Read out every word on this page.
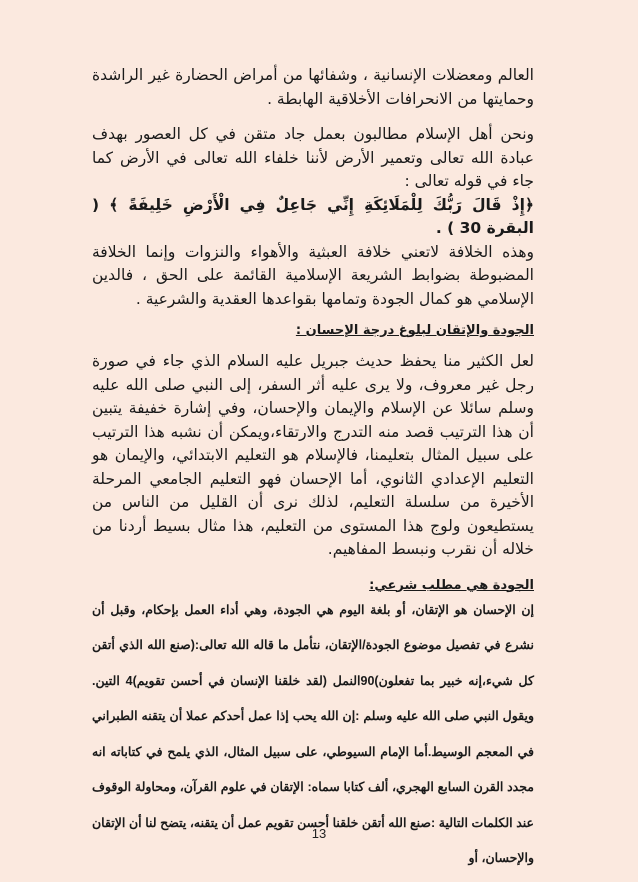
العالم ومعضلات الإنسانية ، وشفائها من أمراض الحضارة غير الراشدة وحمايتها من الانحرافات الأخلاقية الهابطة .

ونحن أهل الإسلام مطالبون بعمل جاد متقن في كل العصور بهدف عبادة الله تعالى وتعمير الأرض لأننا خلفاء الله تعالى في الأرض كما جاء في قوله تعالى :

﴿إِذْ قَالَ رَبُّكَ لِلْمَلَائِكَةِ إِنِّي جَاعِلٌ فِي الْأَرْضِ خَلِيفَةً ﴾ ( البقرة 30 ) .

وهذه الخلافة لاتعني خلافة العبثية والأهواء والنزوات وإنما الخلافة المضبوطة بضوابط الشريعة الإسلامية القائمة على الحق ، فالدين الإسلامي هو كمال الجودة وتمامها بقواعدها العقدية والشرعية .

الجودة والإتقان لبلوغ درجة الإحسان :

لعل الكثير منا يحفظ حديث جبريل عليه السلام الذي جاء في صورة رجل غير معروف، ولا يرى عليه أثر السفر، إلى النبي صلى الله عليه وسلم سائلا عن الإسلام والإيمان والإحسان، وفي إشارة خفيفة يتبين أن هذا الترتيب قصد منه التدرج والارتقاء،ويمكن أن نشبه هذا الترتيب على سبيل المثال بتعليمنا، فالإسلام هو التعليم الابتدائي، والإيمان هو التعليم الإعدادي الثانوي، أما الإحسان فهو التعليم الجامعي المرحلة الأخيرة من سلسلة التعليم، لذلك نرى أن القليل من الناس من يستطيعون ولوج هذا المستوى من التعليم، هذا مثال بسيط أردنا من خلاله أن نقرب ونبسط المفاهيم.

الجودة هي مطلب شرعي:

إن الإحسان هو الإتقان، أو بلغة اليوم هي الجودة، وهي أداء العمل بإحكام، وقبل أن نشرع في تفصيل موضوع الجودة/الإتقان، نتأمل ما قاله الله تعالى:(صنع الله الذي أتقن كل شيء،إنه خبير بما تفعلون)90النمل (لقد خلقنا الإنسان في أحسن تقويم)4 التين. ويقول النبي صلى الله عليه وسلم :إن الله يحب إذا عمل أحدكم عملا أن يتقنه الطبراني في المعجم الوسيط.أما الإمام السيوطي، على سبيل المثال، الذي يلمح في كتاباته انه مجدد القرن السابع الهجري، ألف كتابا سماه: الإتقان في علوم القرآن، ومحاولة الوقوف عند الكلمات التالية :صنع الله أتقن خلقنا أحسن تقويم عمل أن يتقنه، يتضح لنا أن الإتقان والإحسان، أو

13
